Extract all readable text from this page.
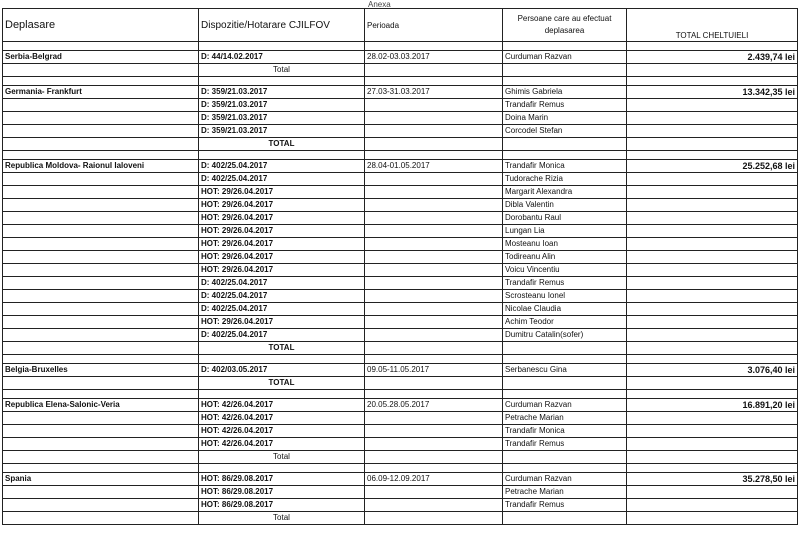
Anexa
Deplasare	Dispozitie/Hotarare CJILFOV	Perioada	Persoane care au efectuat deplasarea	TOTAL CHELTUIELI

Serbia-Belgrad	D: 44/14.02.2017	28.02-03.03.2017	Curduman Razvan	2.439,74 lei
	Total			

Germania- Frankfurt	D: 359/21.03.2017	27.03-31.03.2017	Ghimis Gabriela	13.342,35 lei
	D: 359/21.03.2017		Trandafir Remus	
	D: 359/21.03.2017		Doina Marin	
	D: 359/21.03.2017		Corcodel Stefan	
	TOTAL			

Republica Moldova- Raionul Ialoveni	D: 402/25.04.2017	28.04-01.05.2017	Trandafir Monica	25.252,68 lei
	D: 402/25.04.2017		Tudorache Rizia	
	HOT: 29/26.04.2017		Margarit Alexandra	
	HOT: 29/26.04.2017		Dibla Valentin	
	HOT: 29/26.04.2017		Dorobantu Raul	
	HOT: 29/26.04.2017		Lungan Lia	
	HOT: 29/26.04.2017		Mosteanu Ioan	
	HOT: 29/26.04.2017		Todireanu Alin	
	HOT: 29/26.04.2017		Voicu Vincentiu	
	D: 402/25.04.2017		Trandafir Remus	
	D: 402/25.04.2017		Scrosteanu Ionel	
	D: 402/25.04.2017		Nicolae Claudia	
	HOT: 29/26.04.2017		Achim Teodor	
	D: 402/25.04.2017		Dumitru Catalin(sofer)	
	TOTAL			

Belgia-Bruxelles	D: 402/03.05.2017	09.05-11.05.2017	Serbanescu Gina	3.076,40 lei
	TOTAL			

Republica Elena-Salonic-Veria	HOT: 42/26.04.2017	20.05.28.05.2017	Curduman Razvan	16.891,20 lei
	HOT: 42/26.04.2017		Petrache Marian	
	HOT: 42/26.04.2017		Trandafir Monica	
	HOT: 42/26.04.2017		Trandafir Remus	
	Total			

Spania	HOT: 86/29.08.2017	06.09-12.09.2017	Curduman Razvan	35.278,50 lei
	HOT: 86/29.08.2017		Petrache Marian	
	HOT: 86/29.08.2017		Trandafir Remus	
	Total			
